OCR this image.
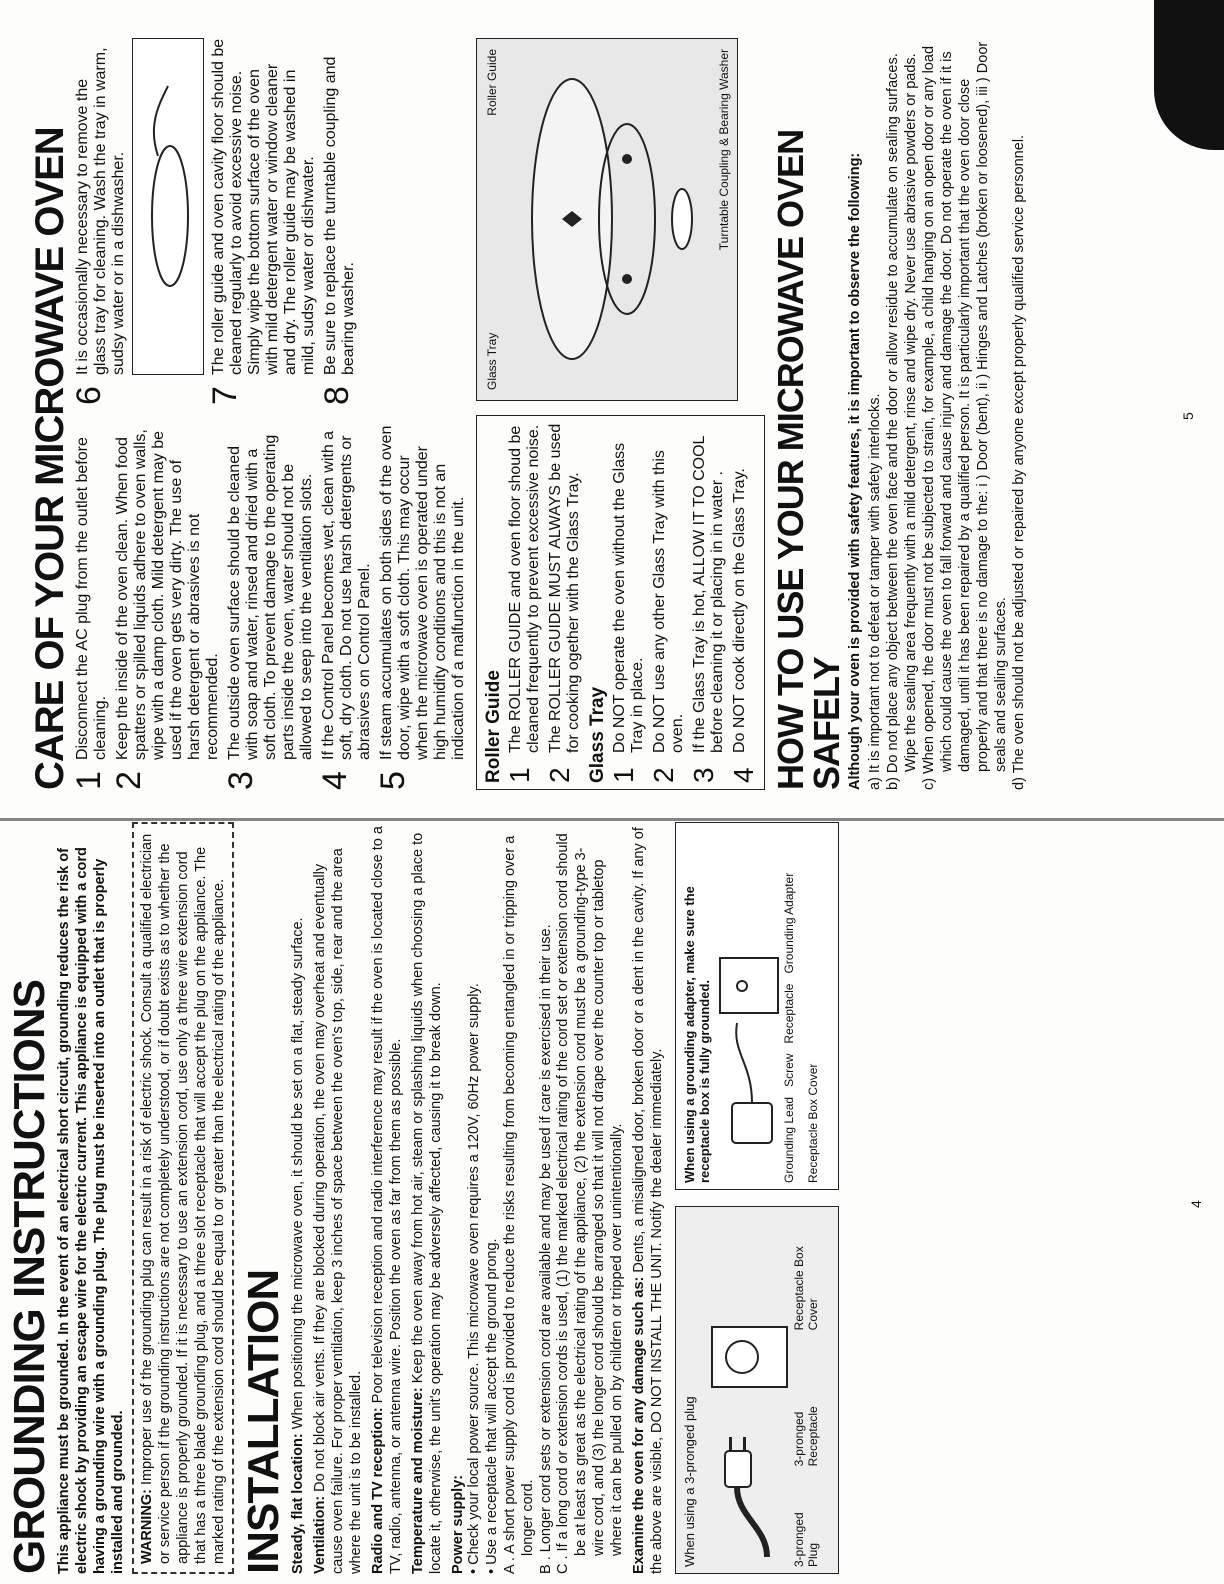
GROUNDING INSTRUCTIONS This appliance must be grounded. In the event of an electrical short circuit, grounding reduces the risk of electric shock by providing an escape wire for the electric current. This appliance is equipped with a cord having a grounding wire with a grounding plug. The plug must be inserted into an outlet that is properly installed and grounded. WARNING: Improper use of the grounding plug can result in a risk of electric shock. Consult a qualified electrician or service person if the grounding instructions are not completely understood, or if doubt exists as to whether the appliance is properly grounded. If it is necessary to use an extension cord, use only a three wire extension cord that has a three blade grounding plug, and a three slot receptacle that will accept the plug on the appliance. The marked rating of the extension cord should be equal to or greater than the electrical rating of the appliance. INSTALLATION Steady, flat location: When positioning the microwave oven, it should be set on a flat, steady surface.

Ventilation: Do not block air vents. If they are blocked during operation, the oven may overheat and eventually cause oven failure. For proper ventilation, keep 3 inches of space between the oven's top, side, rear and the area where the unit is to be installed. Radio and TV reception: Poor television reception and radio interference may result if the oven is located close to a TV, radio, antenna, or antenna wire. Position the oven as far from them as possible. Temperature and moisture: Keep the oven away from hot air, steam or splashing liquids when choosing a place to locate it, otherwise, the unit's operation may be adversely affected, causing it to break down. Power supply: • Check your local power source. This microwave oven requires a 120V, 60Hz power supply. • Use a receptacle that will accept the ground prong. A . A short power supply cord is provided to reduce the risks resulting from becoming entangled in or tripping over a longer cord. B . Longer cord sets or extension cord are available and may be used if care is exercised in their use. C . If a long cord or extension cords is used, (1) the marked electrical rating of the cord set or extension cord should be at least as great as the electrical rating of the appliance, (2) the extension cord must be a grounding-type 3-wire cord, and (3) the longer cord should be arranged so that it will not drape over the counter top or tabletop where it can be pulled on by children or tripped over unintentionally. Examine the oven for any damage such as: Dents, a misaligned door, broken door or a dent in the cavity. If any of the above are visible, DO NOT INSTALL THE UNIT. Notify the dealer immediately. When using a 3-pronged plug	3-pronged Plug
3-pronged Receptacle
Receptacle Box Cover
When using a grounding adapter, make sure the receptacle box is fully grounded.	Grounding Lead
Screw
Receptacle
Grounding Adapter
Receptacle Box Cover
4
CARE OF YOUR MICROWAVE OVEN
1
Disconnect the AC plug from the outlet before cleaning.
2
Keep the inside of the oven clean. When food spatters or spilled liquids adhere to oven walls, wipe with a damp cloth. Mild detergent may be used if the oven gets very dirty. The use of harsh detergent or abrasives is not recommended.
3
The outside oven surface should be cleaned with soap and water, rinsed and dried with a soft cloth. To prevent damage to the operating parts inside the oven, water should not be allowed to seep into the ventilation slots.
4
If the Control Panel becomes wet, clean with a soft, dry cloth. Do not use harsh detergents or abrasives on Control Panel.
5
If steam accumulates on both sides of the oven door, wipe with a soft cloth. This may occur when the microwave oven is operated under high humidity conditions and this is not an indication of a malfunction in the unit.
6
It is occasionally necessary to remove the glass tray for cleaning. Wash the tray in warm, sudsy water or in a dishwasher.
7
The roller guide and oven cavity floor should be cleaned regularly to avoid excessive noise. Simply wipe the bottom surface of the oven with mild detergent water or window cleaner and dry. The roller guide may be washed in mild, sudsy water or dishwater.
8
Be sure to replace the turntable coupling and bearing washer.
Roller Guide 1
The ROLLER GUIDE and oven floor shoud be cleaned frequently to prevent excessive noise.
2
The ROLLER GUIDE MUST ALWAYS be used for cooking ogether with the Glass Tray. Glass Tray 1
Do NOT operate the oven without the Glass Tray in place.
2
Do NOT use any other Glass Tray with this oven.
3
If the Glass Tray is hot, ALLOW IT TO COOL before cleaning it or placing in in water .
4
Do NOT cook directly on the Glass Tray.
Glass Tray
Roller Guide	Turntable Coupling & Bearing Washer HOW TO USE YOUR MICROWAVE OVEN SAFELY Although your oven is provided with safety features, it is important to observe the following: a) It is important not to defeat or tamper with safety interlocks. b) Do not place any object between the oven face and the door or allow residue to accumulate on sealing surfaces. Wipe the sealing area frequently with a mild detergent, rinse and wipe dry. Never use abrasive powders or pads. c) When opened, the door must not be subjected to strain, for example, a child hanging on an open door or any load which could cause the oven to fall forward and cause injury and damage the door. Do not operate the oven if it is damaged, until it has been repaired by a qualified person. It is particularly important that the oven door close properly and that there is no damage to the: i ) Door (bent), ii ) Hinges and Latches (broken or loosened), iii ) Door seals and sealing surfaces. d) The oven should not be adjusted or repaired by anyone except properly qualified service personnel.	5
